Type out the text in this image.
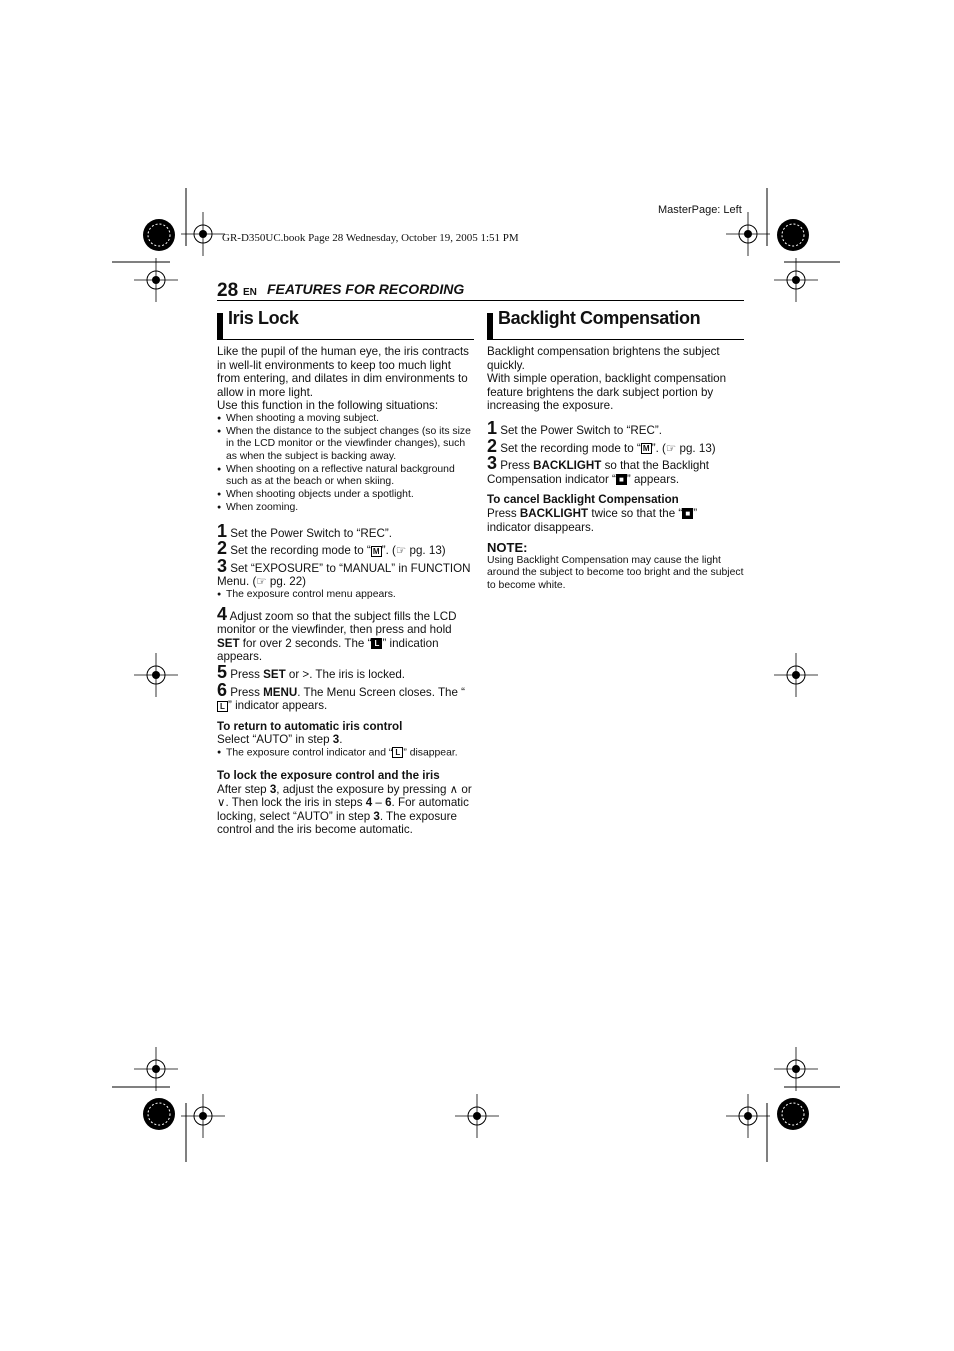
MasterPage: Left
GR-D350UC.book Page 28 Wednesday, October 19, 2005 1:51 PM
28 EN FEATURES FOR RECORDING
Iris Lock

Like the pupil of the human eye, the iris contracts in well-lit environments to keep too much light from entering, and dilates in dim environments to allow in more light.

Use this function in the following situations:

● When shooting a moving subject.
● When the distance to the subject changes (so its size in the LCD monitor or the viewfinder changes), such as when the subject is backing away.
● When shooting on a reflective natural background such as at the beach or when skiing.
● When shooting objects under a spotlight.
● When zooming.

1 Set the Power Switch to “REC”.

2 Set the recording mode to “ M ”. (☞ pg. 13)

3 Set “EXPOSURE” to “MANUAL” in FUNCTION Menu. (☞ pg. 22)

● The exposure control menu appears.

4 Adjust zoom so that the subject fills the LCD monitor or the viewfinder, then press and hold SET for over 2 seconds. The “ L ” indication appears.

5 Press SET or >. The iris is locked.

6 Press MENU. The Menu Screen closes. The “L ” indicator appears.

To return to automatic iris control

Select “AUTO” in step 3.

● The exposure control indicator and “ L ” disappear.

To lock the exposure control and the iris

After step 3, adjust the exposure by pressing ∧ or ∨. Then lock the iris in steps 4 – 6. For automatic locking, select “AUTO” in step 3. The exposure control and the iris become automatic.

Backlight Compensation

Backlight compensation brightens the subject quickly.

With simple operation, backlight compensation feature brightens the dark subject portion by increasing the exposure.

1 Set the Power Switch to “REC”.

2 Set the recording mode to “ M ”. (☞ pg. 13)

3 Press BACKLIGHT so that the Backlight Compensation indicator “ ■ ” appears.

To cancel Backlight Compensation

Press BACKLIGHT twice so that the “ ■ ” indicator disappears.

NOTE:

Using Backlight Compensation may cause the light around the subject to become too bright and the subject to become white.
